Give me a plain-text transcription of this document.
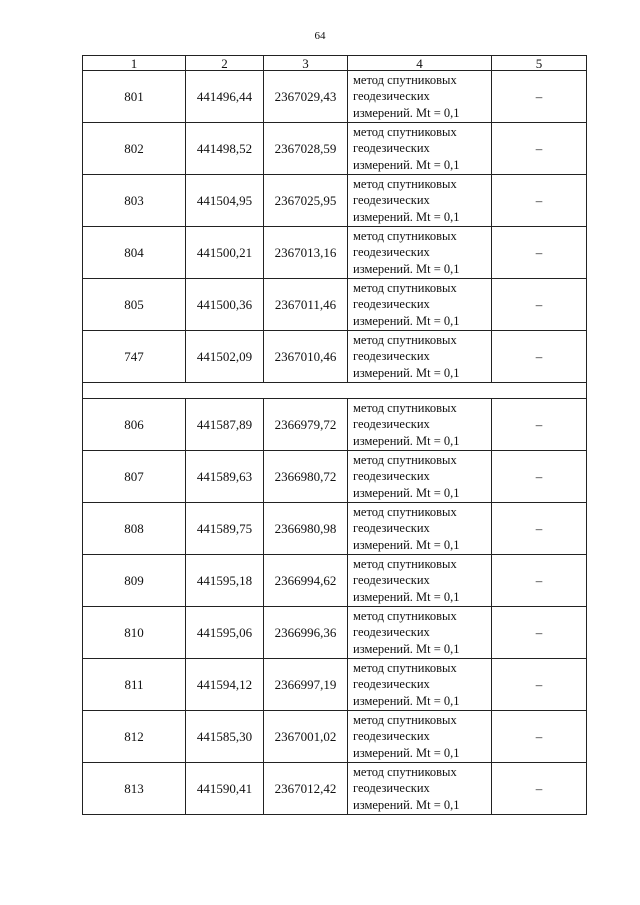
64
1	2	3	4	5
801	441496,44	2367029,43	метод спутниковых
геодезических
измерений. Mt = 0,1	–
802	441498,52	2367028,59	метод спутниковых
геодезических
измерений. Mt = 0,1	–
803	441504,95	2367025,95	метод спутниковых
геодезических
измерений. Mt = 0,1	–
804	441500,21	2367013,16	метод спутниковых
геодезических
измерений. Mt = 0,1	–
805	441500,36	2367011,46	метод спутниковых
геодезических
измерений. Mt = 0,1	–
747	441502,09	2367010,46	метод спутниковых
геодезических
измерений. Mt = 0,1	–

806	441587,89	2366979,72	метод спутниковых
геодезических
измерений. Mt = 0,1	–
807	441589,63	2366980,72	метод спутниковых
геодезических
измерений. Mt = 0,1	–
808	441589,75	2366980,98	метод спутниковых
геодезических
измерений. Mt = 0,1	–
809	441595,18	2366994,62	метод спутниковых
геодезических
измерений. Mt = 0,1	–
810	441595,06	2366996,36	метод спутниковых
геодезических
измерений. Mt = 0,1	–
811	441594,12	2366997,19	метод спутниковых
геодезических
измерений. Mt = 0,1	–
812	441585,30	2367001,02	метод спутниковых
геодезических
измерений. Mt = 0,1	–
813	441590,41	2367012,42	метод спутниковых
геодезических
измерений. Mt = 0,1	–
